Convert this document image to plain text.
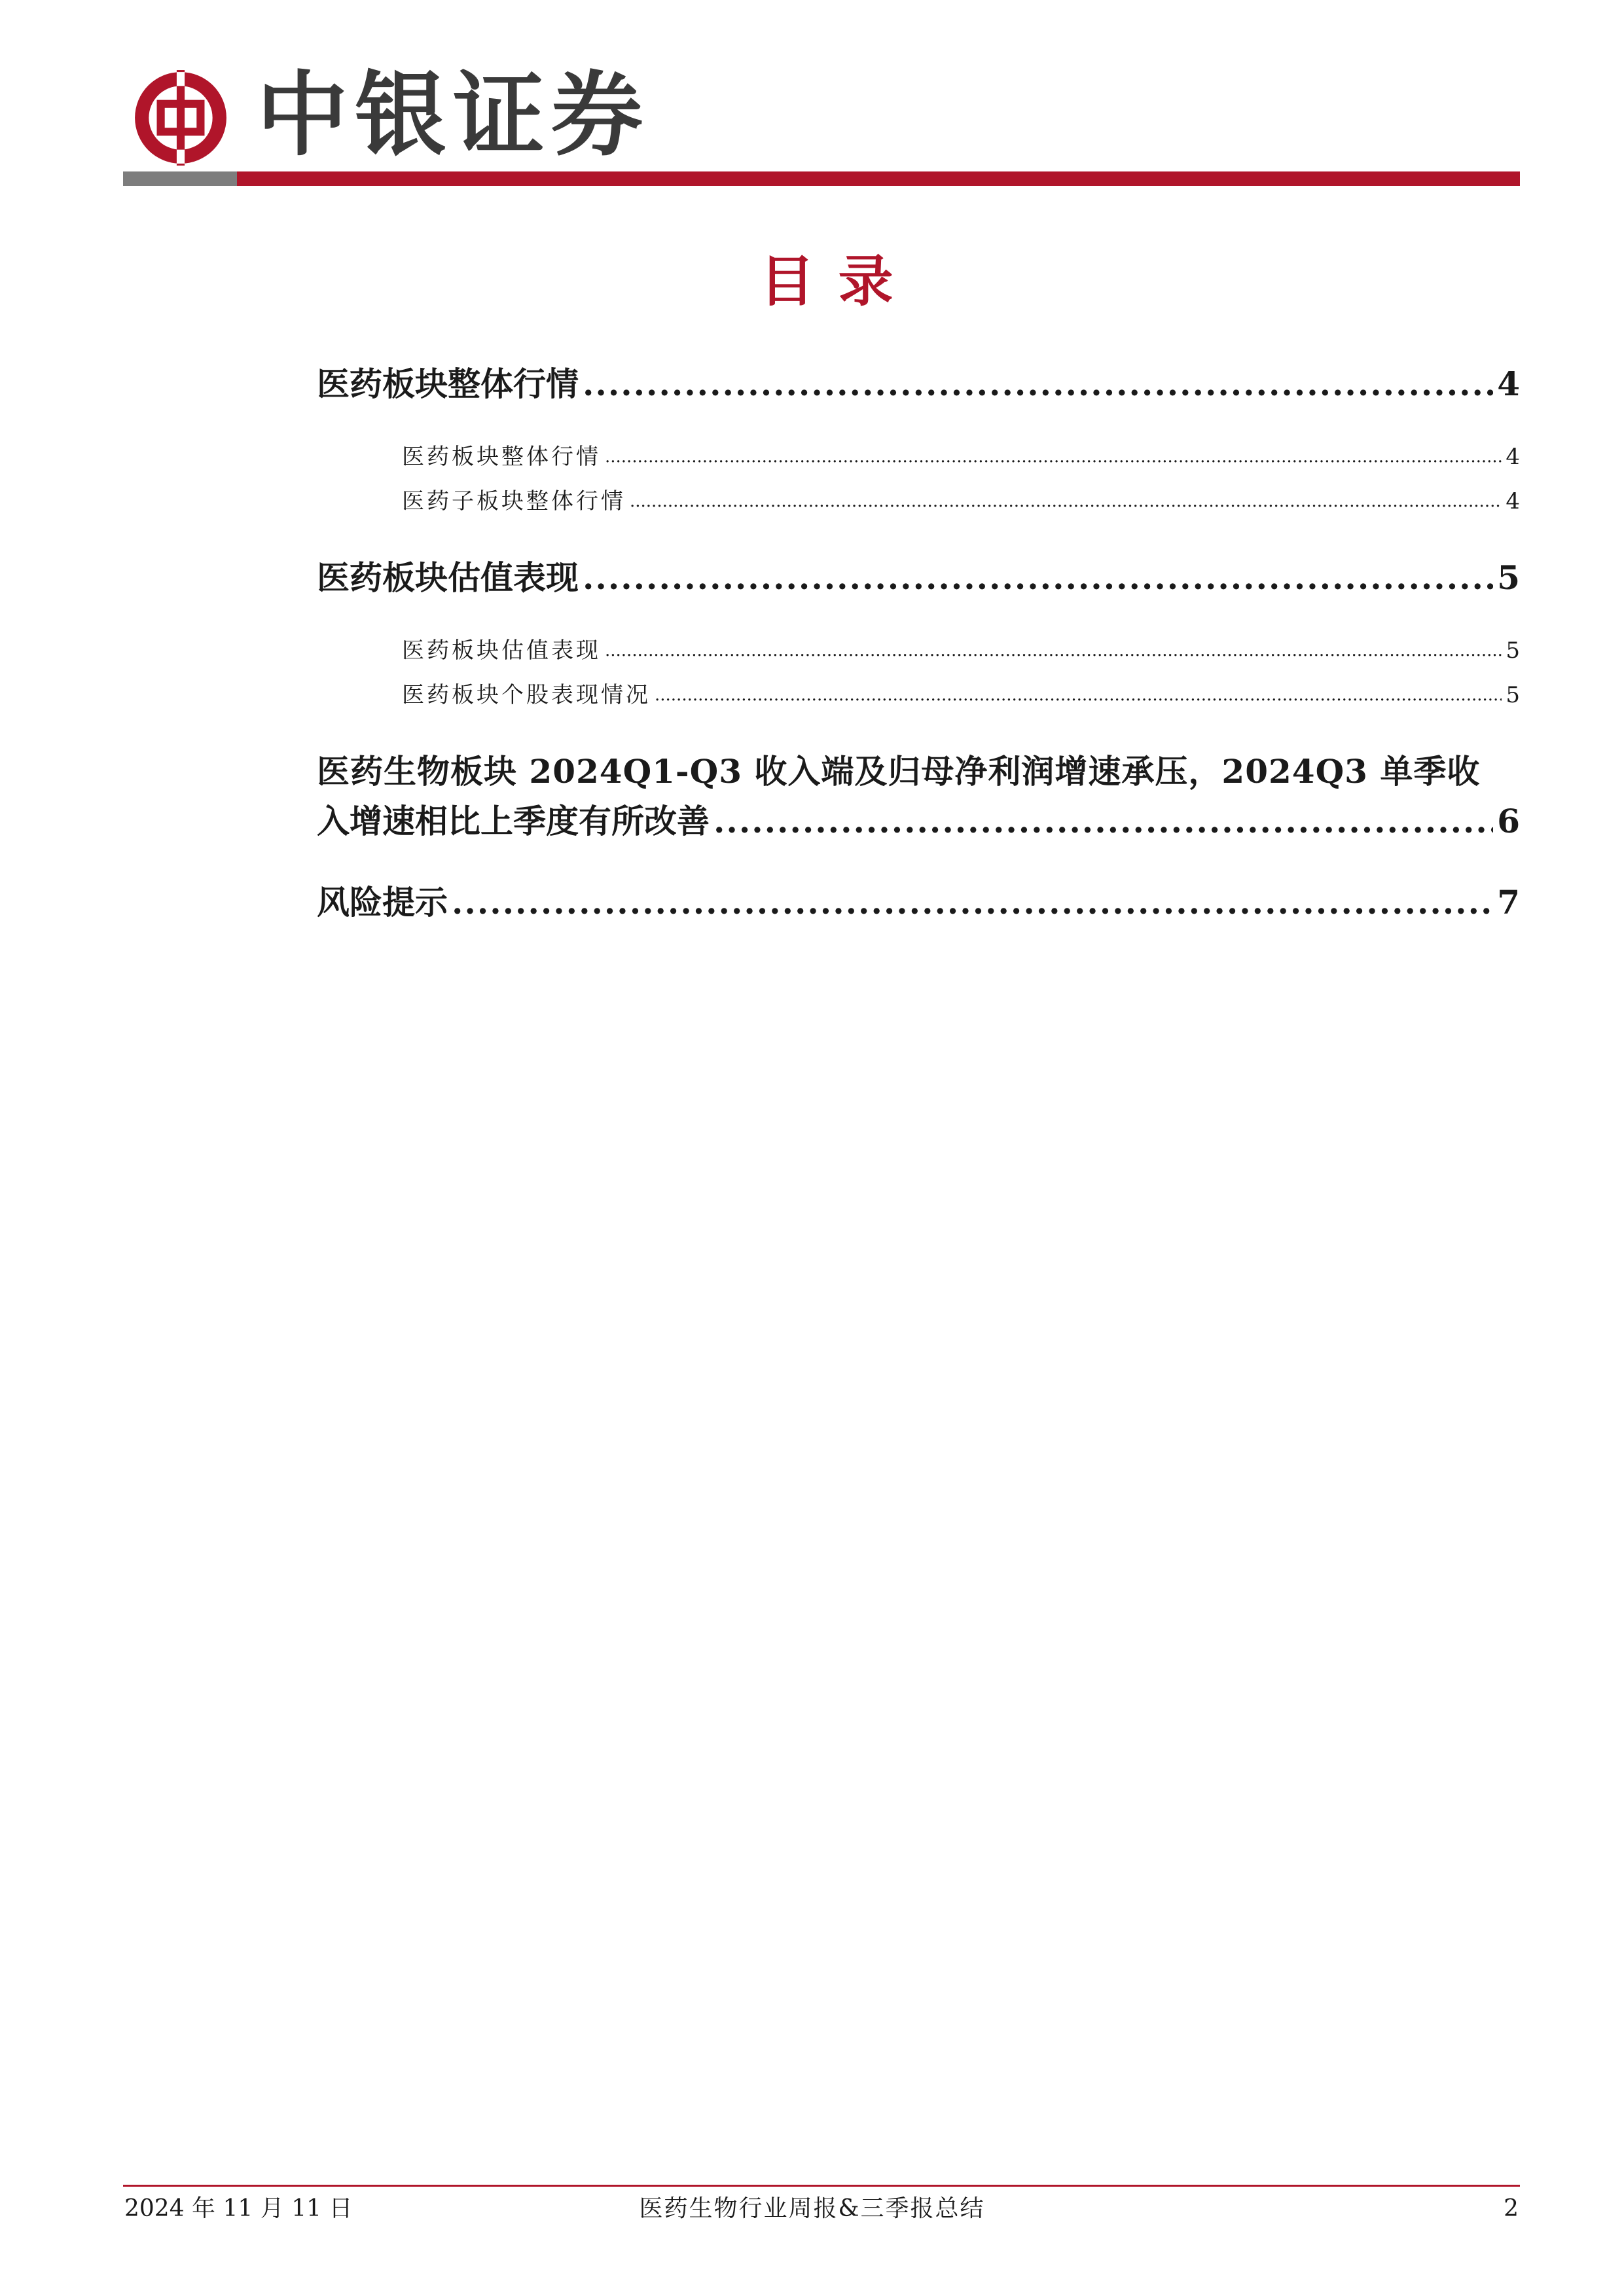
中银证券
目录
医药板块整体行情 .....	4
医药板块整体行情 .....	4
医药子板块整体行情 .....	4
医药板块估值表现 .....	5
医药板块估值表现 .....	5
医药板块个股表现情况 .....	5
医药生物板块 2024Q1-Q3 收入端及归母净利润增速承压，2024Q3 单季收
入增速相比上季度有所改善 .....	6
风险提示 .....	7
2024 年 11 月 11 日	医药生物行业周报&三季报总结	2
